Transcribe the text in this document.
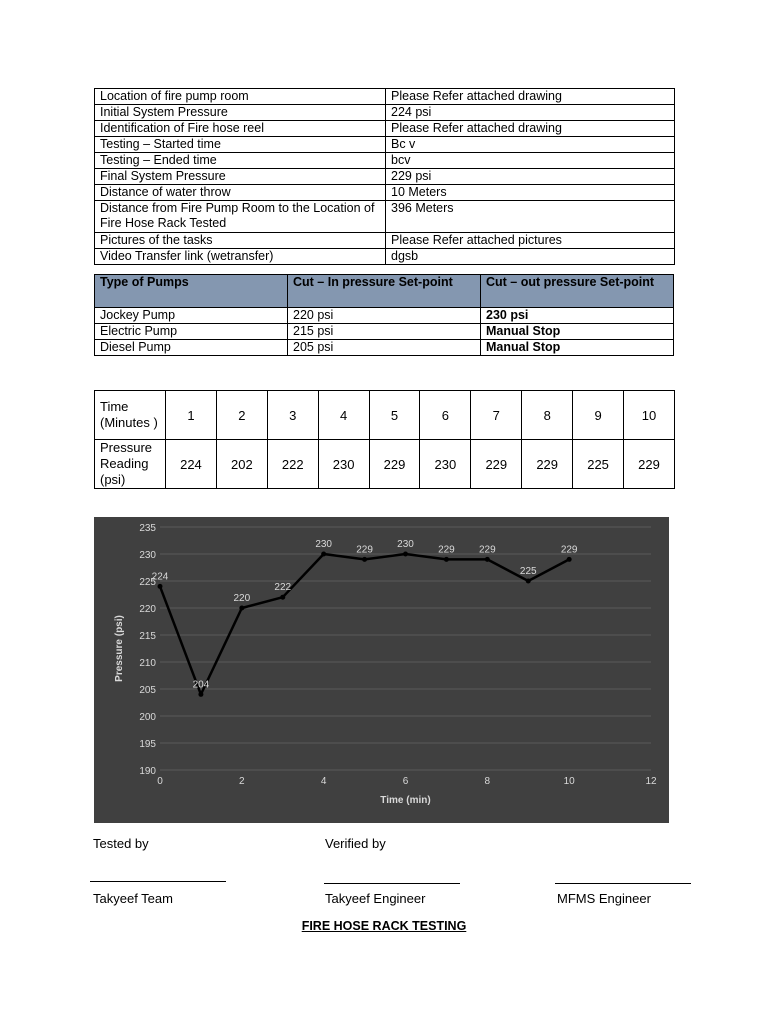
Location of fire pump room	Please Refer attached drawing
Initial System Pressure	224 psi
Identification of Fire hose reel	Please Refer attached drawing
Testing – Started time	Bc v
Testing – Ended time	bcv
Final System Pressure	229 psi
Distance of water throw	10 Meters
Distance from Fire Pump Room to the Location of Fire Hose Rack Tested	396 Meters
Pictures of the tasks	Please Refer attached pictures
Video Transfer link (wetransfer)	dgsb
Type of Pumps	Cut – In pressure Set-point	Cut – out pressure Set-point
Jockey Pump	220 psi	230 psi
Electric Pump	215 psi	Manual Stop
Diesel Pump	205 psi	Manual Stop
Time (Minutes )	1	2	3	4	5	6	7	8	9	10
Pressure Reading (psi)	224	202	222	230	229	230	229	229	225	229
190
195
200
205
210
215
220
225
230
235
0	2	4	6	8	10	12
Time (min)
Pressure (psi)
224
204
220
222
230 229 230 229 229
225
229
Tested by	Verified by
Takyeef Team	Takyeef Engineer	MFMS Engineer
FIRE HOSE RACK TESTING
